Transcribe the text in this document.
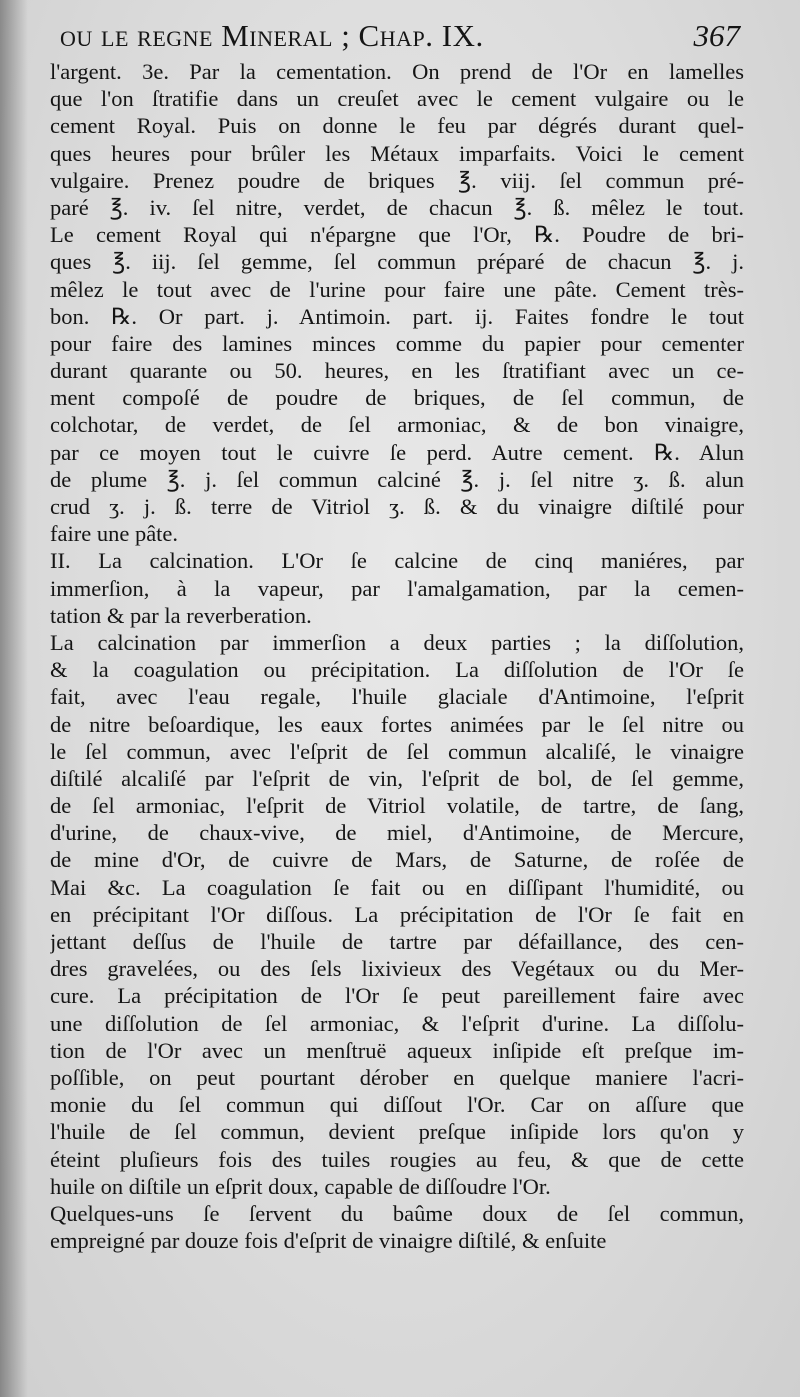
ou le regne Mineral ; Chap. IX.	367
l'argent. 3e. Par la cementation. On prend de l'Or en lamelles
que l'on ſtratifie dans un creuſet avec le cement vulgaire ou le
cement Royal. Puis on donne le feu par dégrés durant quel-
ques heures pour brûler les Métaux imparfaits. Voici le cement
vulgaire. Prenez poudre de briques ℥. viij. ſel commun pré-
paré ℥. iv. ſel nitre, verdet, de chacun ℥. ß. mêlez le tout.
Le cement Royal qui n'épargne que l'Or, ℞. Poudre de bri-
ques ℥. iij. ſel gemme, ſel commun préparé de chacun ℥. j.
mêlez le tout avec de l'urine pour faire une pâte. Cement très-
bon. ℞. Or part. j. Antimoin. part. ij. Faites fondre le tout
pour faire des lamines minces comme du papier pour cementer
durant quarante ou 50. heures, en les ſtratifiant avec un ce-
ment compoſé de poudre de briques, de ſel commun, de
colchotar, de verdet, de ſel armoniac, & de bon vinaigre,
par ce moyen tout le cuivre ſe perd. Autre cement. ℞. Alun
de plume ℥. j. ſel commun calciné ℥. j. ſel nitre ʒ. ß. alun
crud ʒ. j. ß. terre de Vitriol ʒ. ß. & du vinaigre diſtilé pour
faire une pâte.
II. La calcination. L'Or ſe calcine de cinq maniéres, par
immerſion, à la vapeur, par l'amalgamation, par la cemen-
tation & par la reverberation.
La calcination par immerſion a deux parties ; la diſſolution,
& la coagulation ou précipitation. La diſſolution de l'Or ſe
fait, avec l'eau regale, l'huile glaciale d'Antimoine, l'eſprit
de nitre beſoardique, les eaux fortes animées par le ſel nitre ou
le ſel commun, avec l'eſprit de ſel commun alcaliſé, le vinaigre
diſtilé alcaliſé par l'eſprit de vin, l'eſprit de bol, de ſel gemme,
de ſel armoniac, l'eſprit de Vitriol volatile, de tartre, de ſang,
d'urine, de chaux-vive, de miel, d'Antimoine, de Mercure,
de mine d'Or, de cuivre de Mars, de Saturne, de roſée de
Mai &c. La coagulation ſe fait ou en diſſipant l'humidité, ou
en précipitant l'Or diſſous. La précipitation de l'Or ſe fait en
jettant deſſus de l'huile de tartre par défaillance, des cen-
dres gravelées, ou des ſels lixivieux des Vegétaux ou du Mer-
cure. La précipitation de l'Or ſe peut pareillement faire avec
une diſſolution de ſel armoniac, & l'eſprit d'urine. La diſſolu-
tion de l'Or avec un menſtruë aqueux inſipide eſt preſque im-
poſſible, on peut pourtant dérober en quelque maniere l'acri-
monie du ſel commun qui diſſout l'Or. Car on aſſure que
l'huile de ſel commun, devient preſque inſipide lors qu'on y
éteint pluſieurs fois des tuiles rougies au feu, & que de cette
huile on diſtile un eſprit doux, capable de diſſoudre l'Or.
Quelques-uns ſe ſervent du baûme doux de ſel commun,
empreigné par douze fois d'eſprit de vinaigre diſtilé, & enſuite
